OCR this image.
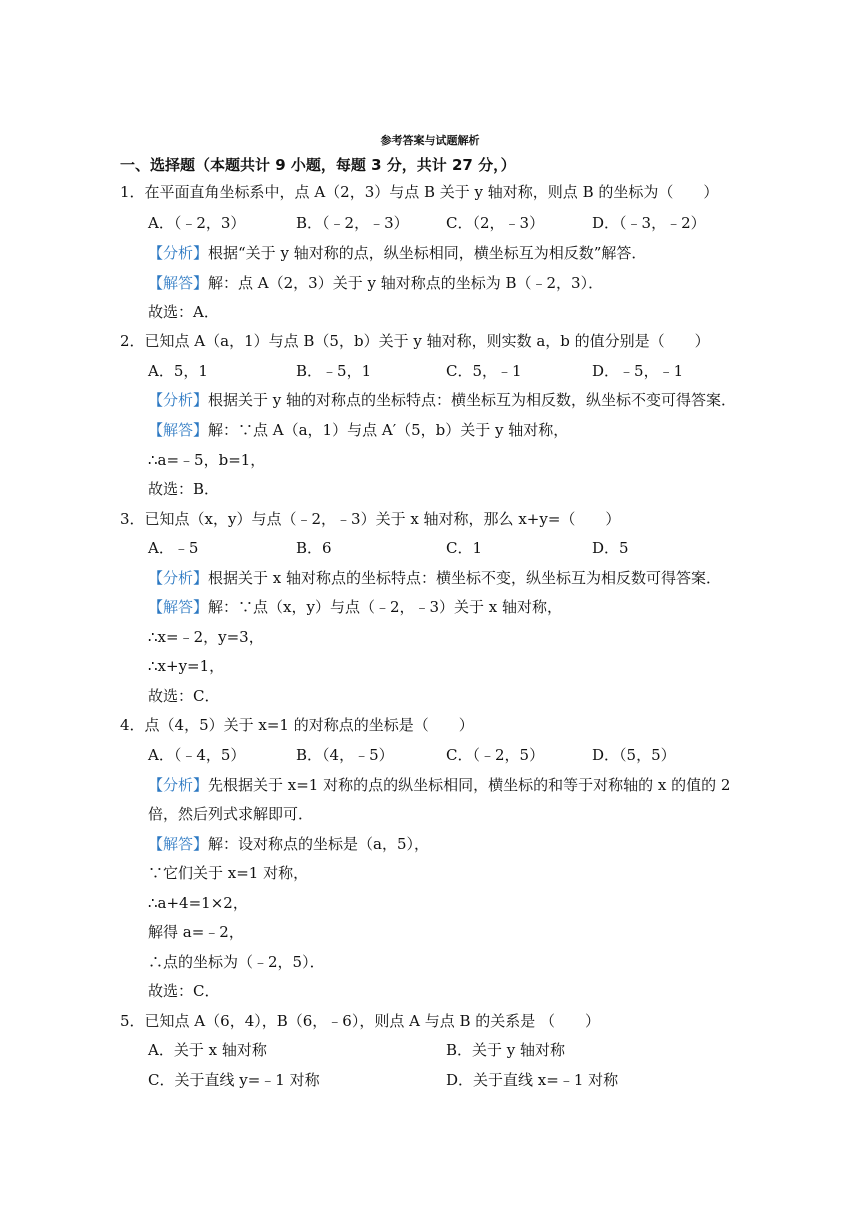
参考答案与试题解析
一、选择题（本题共计 9 小题，每题 3 分，共计 27 分，）
1．在平面直角坐标系中，点 A（2，3）与点 B 关于 y 轴对称，则点 B 的坐标为（　　）
A．（﹣2，3）	B．（﹣2，﹣3） C．（2，﹣3）	D．（﹣3，﹣2）
【分析】根据“关于 y 轴对称的点，纵坐标相同，横坐标互为相反数”解答．
【解答】解：点 A（2，3）关于 y 轴对称点的坐标为 B（﹣2，3）．
故选：A．
2．已知点 A（a，1）与点 B（5，b）关于 y 轴对称，则实数 a，b 的值分别是（　　）
A．5，1	B．﹣5，1	C．5，﹣1	D．﹣5，﹣1
【分析】根据关于 y 轴的对称点的坐标特点：横坐标互为相反数，纵坐标不变可得答案．
【解答】解：∵点 A（a，1）与点 A′（5，b）关于 y 轴对称，
∴a=﹣5，b=1，
故选：B．
3．已知点（x，y）与点（﹣2，﹣3）关于 x 轴对称，那么 x+y=（　　）
A．﹣5	B．6	C．1	D．5
【分析】根据关于 x 轴对称点的坐标特点：横坐标不变，纵坐标互为相反数可得答案．
【解答】解：∵点（x，y）与点（﹣2，﹣3）关于 x 轴对称，
∴x=﹣2，y=3，
∴x+y=1，
故选：C．
4．点（4，5）关于 x=1 的对称点的坐标是（　　）
A．（﹣4，5）	B．（4，﹣5）	C．（﹣2，5）	D．（5，5）
【分析】先根据关于 x=1 对称的点的纵坐标相同，横坐标的和等于对称轴的 x 的值的 2
倍，然后列式求解即可．
【解答】解：设对称点的坐标是（a，5），
∵它们关于 x=1 对称，
∴a+4=1×2，
解得 a=﹣2，
∴点的坐标为（﹣2，5）．
故选：C．
5．已知点 A（6，4），B（6，﹣6），则点 A 与点 B 的关系是 （　　）
A．关于 x 轴对称	B．关于 y 轴对称
C．关于直线 y=﹣1 对称	D．关于直线 x=﹣1 对称
